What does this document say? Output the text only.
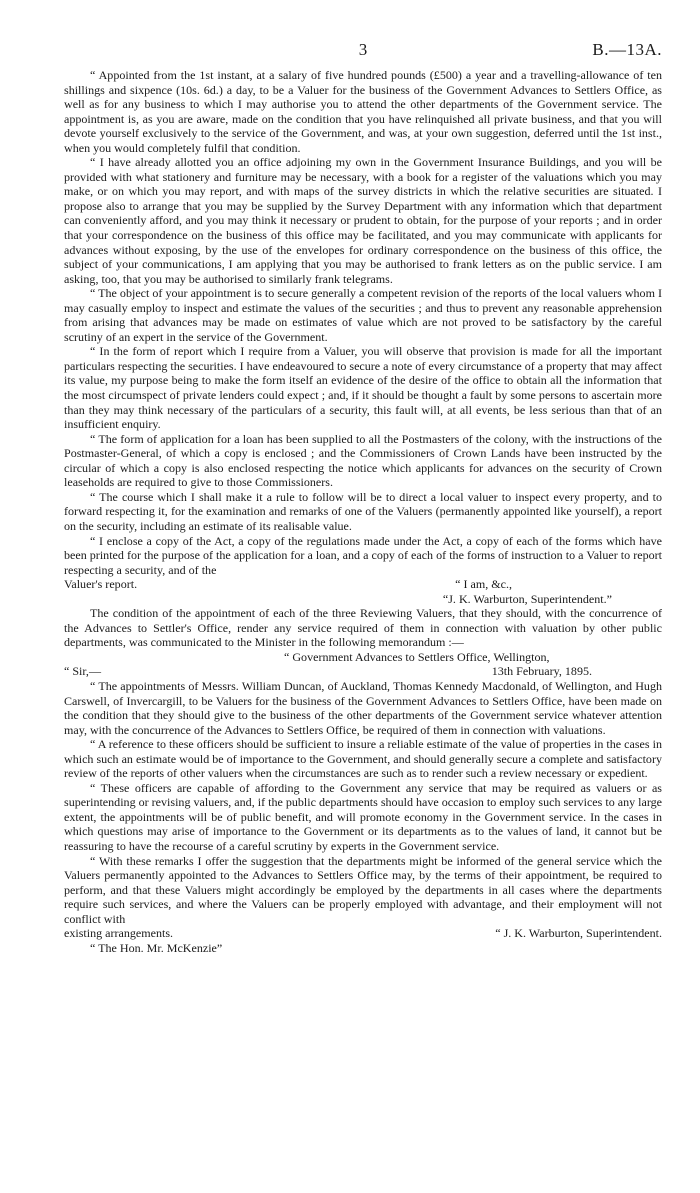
3	B.—13A.

“ Appointed from the 1st instant, at a salary of five hundred pounds (£500) a year and a travelling-allowance of ten shillings and sixpence (10s. 6d.) a day, to be a Valuer for the business of the Government Advances to Settlers Office, as well as for any business to which I may authorise you to attend the other departments of the Government service. The appointment is, as you are aware, made on the condition that you have relinquished all private business, and that you will devote yourself exclusively to the service of the Government, and was, at your own suggestion, deferred until the 1st inst., when you would completely fulfil that condition.

“ I have already allotted you an office adjoining my own in the Government Insurance Buildings, and you will be provided with what stationery and furniture may be necessary, with a book for a register of the valuations which you may make, or on which you may report, and with maps of the survey districts in which the relative securities are situated. I propose also to arrange that you may be supplied by the Survey Department with any information which that department can conveniently afford, and you may think it necessary or prudent to obtain, for the purpose of your reports ; and in order that your correspondence on the business of this office may be facilitated, and you may communicate with applicants for advances without exposing, by the use of the envelopes for ordinary correspondence on the business of this office, the subject of your communications, I am applying that you may be authorised to frank letters as on the public service. I am asking, too, that you may be authorised to similarly frank telegrams.

“ The object of your appointment is to secure generally a competent revision of the reports of the local valuers whom I may casually employ to inspect and estimate the values of the securities ; and thus to prevent any reasonable apprehension from arising that advances may be made on estimates of value which are not proved to be satisfactory by the careful scrutiny of an expert in the service of the Government.

“ In the form of report which I require from a Valuer, you will observe that provision is made for all the important particulars respecting the securities. I have endeavoured to secure a note of every circumstance of a property that may affect its value, my purpose being to make the form itself an evidence of the desire of the office to obtain all the information that the most circumspect of private lenders could expect ; and, if it should be thought a fault by some persons to ascertain more than they may think necessary of the particulars of a security, this fault will, at all events, be less serious than that of an insufficient enquiry.

“ The form of application for a loan has been supplied to all the Postmasters of the colony, with the instructions of the Postmaster-General, of which a copy is enclosed ; and the Commissioners of Crown Lands have been instructed by the circular of which a copy is also enclosed respecting the notice which applicants for advances on the security of Crown leaseholds are required to give to those Commissioners.

“ The course which I shall make it a rule to follow will be to direct a local valuer to inspect every property, and to forward respecting it, for the examination and remarks of one of the Valuers (permanently appointed like yourself), a report on the security, including an estimate of its realisable value.

“ I enclose a copy of the Act, a copy of the regulations made under the Act, a copy of each of the forms which have been printed for the purpose of the application for a loan, and a copy of each of the forms of instruction to a Valuer to report respecting a security, and of the

Valuer's report.	“ I am, &c.,
“J. K. Warburton, Superintendent.”

The condition of the appointment of each of the three Reviewing Valuers, that they should, with the concurrence of the Advances to Settler's Office, render any service required of them in connection with valuation by other public departments, was communicated to the Minister in the following memorandum :—

“ Government Advances to Settlers Office, Wellington,
“ Sir,—	13th February, 1895.

“ The appointments of Messrs. William Duncan, of Auckland, Thomas Kennedy Macdonald, of Wellington, and Hugh Carswell, of Invercargill, to be Valuers for the business of the Government Advances to Settlers Office, have been made on the condition that they should give to the business of the other departments of the Government service whatever attention may, with the concurrence of the Advances to Settlers Office, be required of them in connection with valuations.

“ A reference to these officers should be sufficient to insure a reliable estimate of the value of properties in the cases in which such an estimate would be of importance to the Government, and should generally secure a complete and satisfactory review of the reports of other valuers when the circumstances are such as to render such a review necessary or expedient.

“ These officers are capable of affording to the Government any service that may be required as valuers or as superintending or revising valuers, and, if the public departments should have occasion to employ such services to any large extent, the appointments will be of public benefit, and will promote economy in the Government service. In the cases in which questions may arise of importance to the Government or its departments as to the values of land, it cannot but be reassuring to have the recourse of a careful scrutiny by experts in the Government service.

“ With these remarks I offer the suggestion that the departments might be informed of the general service which the Valuers permanently appointed to the Advances to Settlers Office may, by the terms of their appointment, be required to perform, and that these Valuers might accordingly be employed by the departments in all cases where the departments require such services, and where the Valuers can be properly employed with advantage, and their employment will not conflict with

existing arrangements.	“ J. K. Warburton, Superintendent.

“ The Hon. Mr. McKenzie”
